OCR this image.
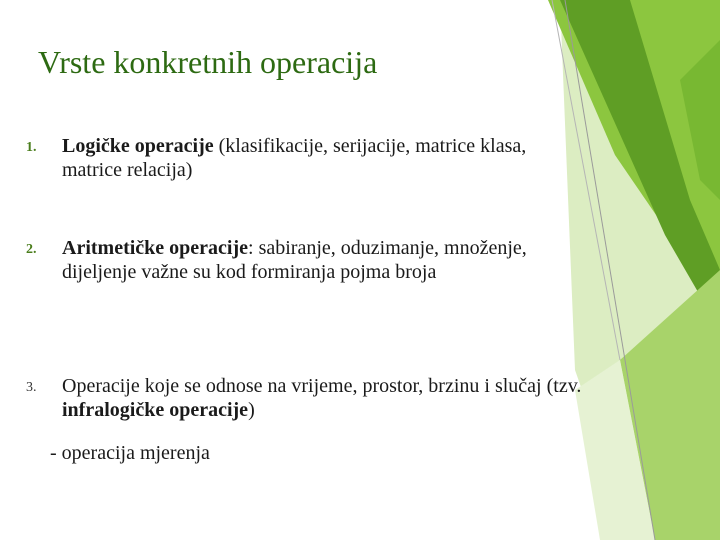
Vrste konkretnih operacija
1. Logičke operacije (klasifikacije, serijacije, matrice klasa, matrice relacija)
2. Aritmetičke operacije: sabiranje, oduzimanje, množenje, dijeljenje važne su kod formiranja pojma broja
3. Operacije koje se odnose na vrijeme, prostor, brzinu i slučaj (tzv. infralogičke operacije)
- operacija mjerenja
